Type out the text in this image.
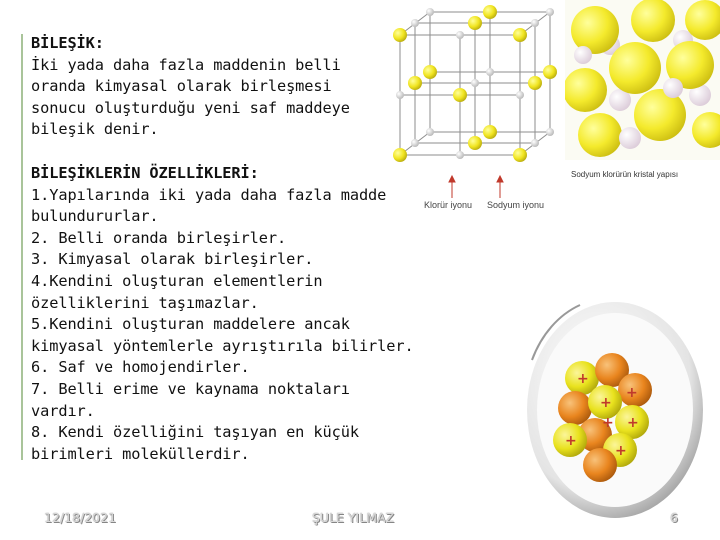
BİLEŞİK:

İki yada daha fazla maddenin belli

oranda kimyasal olarak birleşmesi

sonucu oluşturduğu yeni saf maddeye

bileşik denir.

BİLEŞİKLERİN ÖZELLİKLERİ:

1.Yapılarında iki yada daha fazla madde

bulundururlar.

2. Belli oranda birleşirler.

3. Kimyasal olarak birleşirler.

4.Kendini oluşturan elementlerin

özelliklerini taşımazlar.

5.Kendini oluşturan maddelere ancak

kimyasal yöntemlerle ayrıştırıla bilirler.

6. Saf ve homojendirler.

7. Belli erime ve kaynama noktaları

vardır.

8. Kendi özelliğini taşıyan en küçük

birimleri moleküllerdir.

Klorür iyonu Sodyum iyonu
Sodyum klorürün kristal yapısı
+
+
+
+
+
+
+
12/18/2021	ŞULE YILMAZ	6
